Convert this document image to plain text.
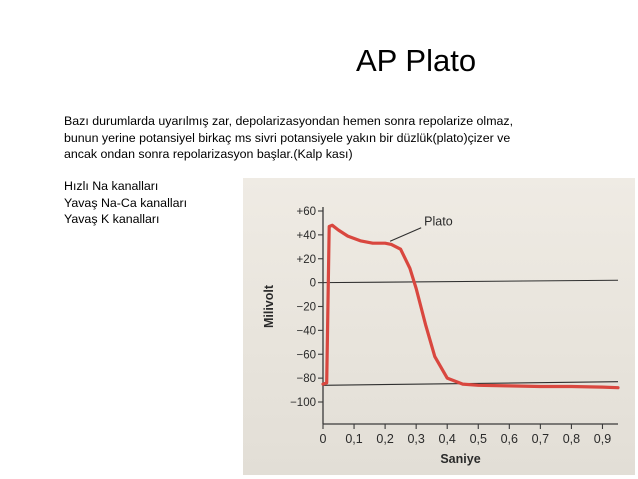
AP Plato
Bazı durumlarda uyarılmış zar, depolarizasyondan hemen sonra repolarize olmaz,
bunun yerine potansiyel birkaç ms sivri potansiyele yakın bir düzlük(plato)çizer ve
ancak ondan sonra repolarizasyon başlar.(Kalp kası)
Hızlı Na kanalları
Yavaş Na-Ca kanalları
Yavaş K kanalları	+60
+40
+20
0
−20
−40
−60
−80
−100
0 0,1 0,2 0,3 0,4 0,5 0,6 0,7 0,8 0,9
Saniye
Milivolt
Plato
